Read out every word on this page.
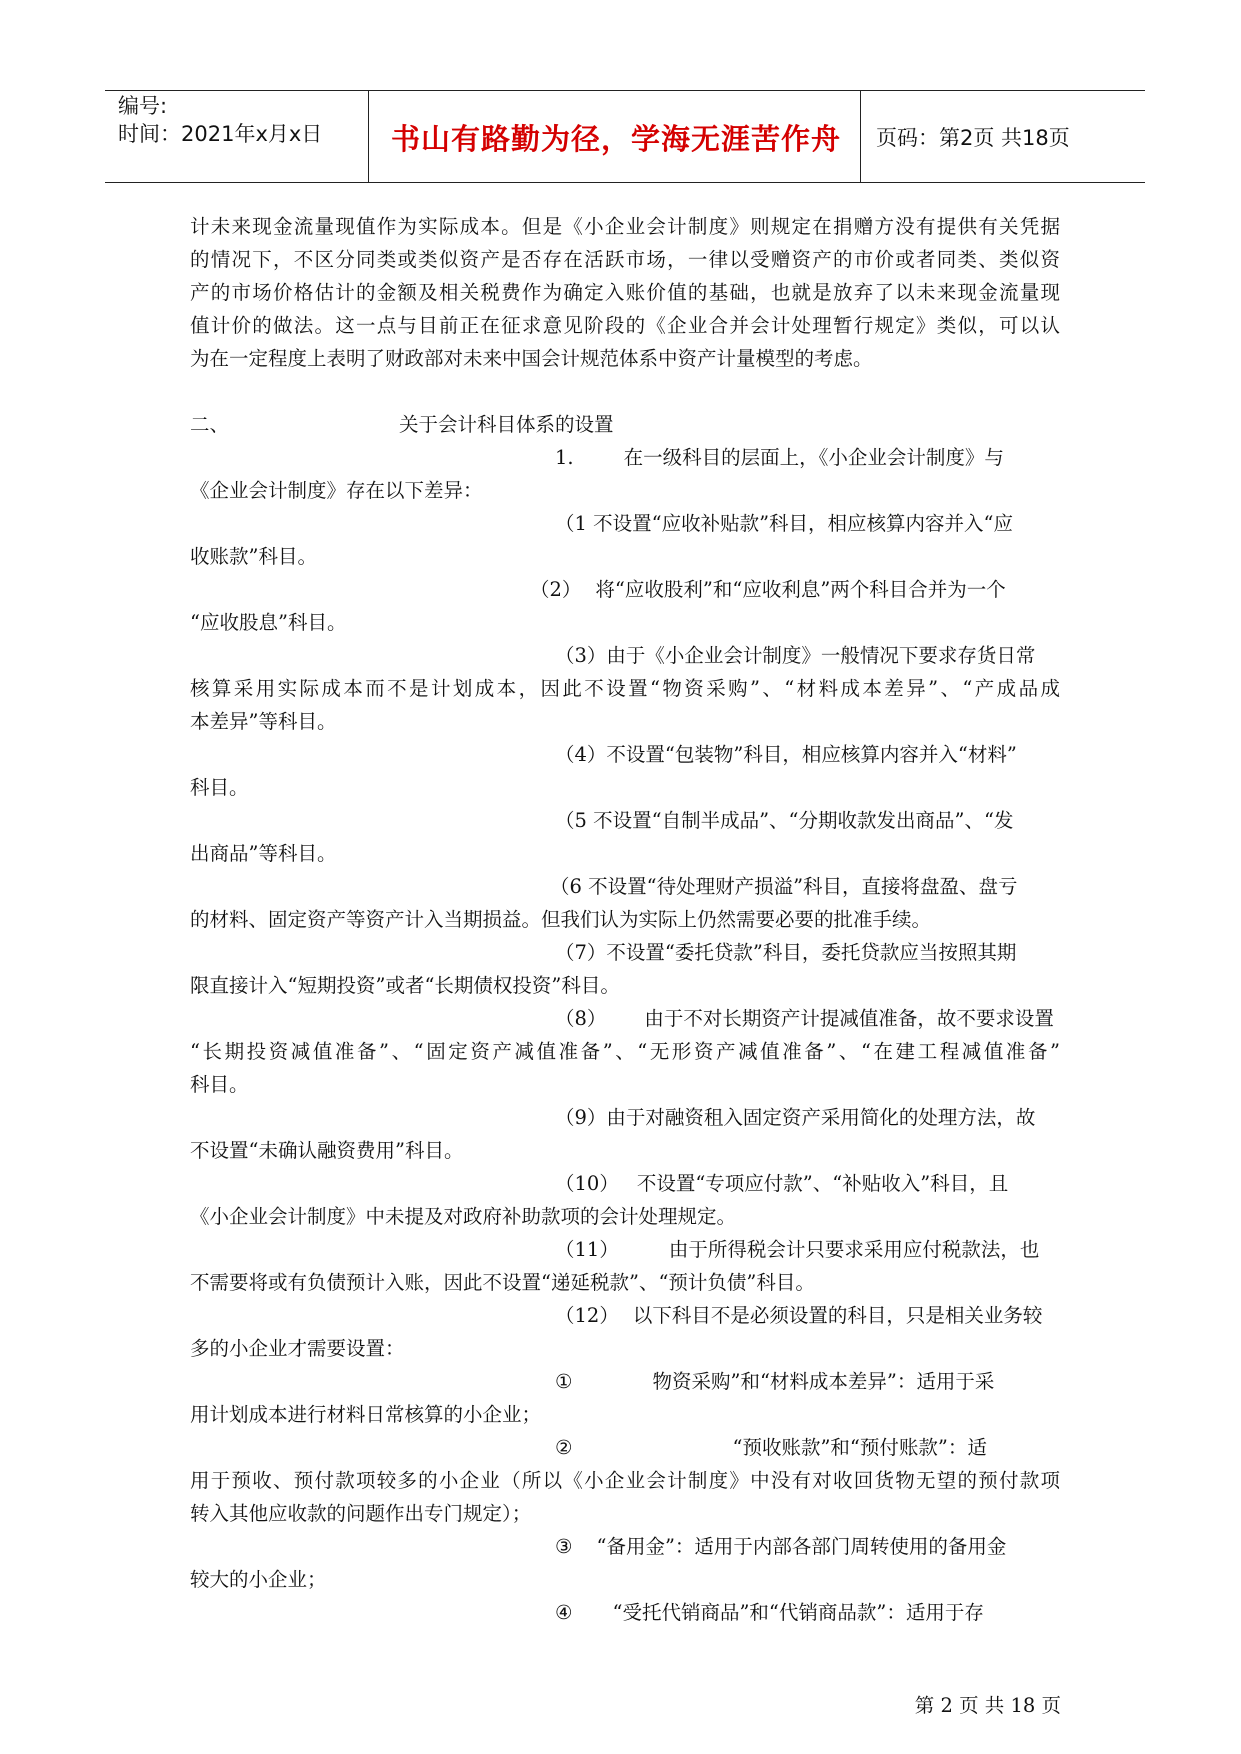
编号:
时间：2021年x月x日	书山有路勤为径，学海无涯苦作舟	页码：第2页 共18页
计未来现金流量现值作为实际成本。但是《小企业会计制度》则规定在捐赠方没有提供有关凭据
的情况下，不区分同类或类似资产是否存在活跃市场，一律以受赠资产的市价或者同类、类似资
产的市场价格估计的金额及相关税费作为确定入账价值的基础，也就是放弃了以未来现金流量现
值计价的做法。这一点与目前正在征求意见阶段的《企业合并会计处理暂行规定》类似，可以认
为在一定程度上表明了财政部对未来中国会计规范体系中资产计量模型的考虑。
二、	关于会计科目体系的设置
1.	在一级科目的层面上，《小企业会计制度》与
《企业会计制度》存在以下差异：
（1 不设置“应收补贴款”科目，相应核算内容并入“应
收账款”科目。
（2） 将“应收股利”和“应收利息”两个科目合并为一个
“应收股息”科目。
（3）由于《小企业会计制度》一般情况下要求存货日常
核算采用实际成本而不是计划成本，因此不设置“物资采购”、“材料成本差异”、“产成品成
本差异”等科目。
（4）不设置“包装物”科目，相应核算内容并入“材料”
科目。
（5 不设置“自制半成品”、“分期收款发出商品”、“发
出商品”等科目。
（6 不设置“待处理财产损溢”科目，直接将盘盈、盘亏
的材料、固定资产等资产计入当期损益。但我们认为实际上仍然需要必要的批准手续。
（7）不设置“委托贷款”科目，委托贷款应当按照其期
限直接计入“短期投资”或者“长期债权投资”科目。
（8） 由于不对长期资产计提减值准备，故不要求设置
“长期投资减值准备”、“固定资产减值准备”、“无形资产减值准备”、“在建工程减值准备”
科目。
（9）由于对融资租入固定资产采用简化的处理方法，故
不设置“未确认融资费用”科目。
（10） 不设置“专项应付款”、“补贴收入”科目，且
《小企业会计制度》中未提及对政府补助款项的会计处理规定。
（11）	由于所得税会计只要求采用应付税款法，也
不需要将或有负债预计入账，因此不设置“递延税款”、“预计负债”科目。
（12） 以下科目不是必须设置的科目，只是相关业务较
多的小企业才需要设置：
①	物资采购”和“材料成本差异”：适用于采
用计划成本进行材料日常核算的小企业；
②	“预收账款”和“预付账款”：适
用于预收、预付款项较多的小企业（所以《小企业会计制度》中没有对收回货物无望的预付款项
转入其他应收款的问题作出专门规定）；
③ “备用金”：适用于内部各部门周转使用的备用金
较大的小企业；
④ “受托代销商品”和“代销商品款”：适用于存
第 2 页 共 18 页
